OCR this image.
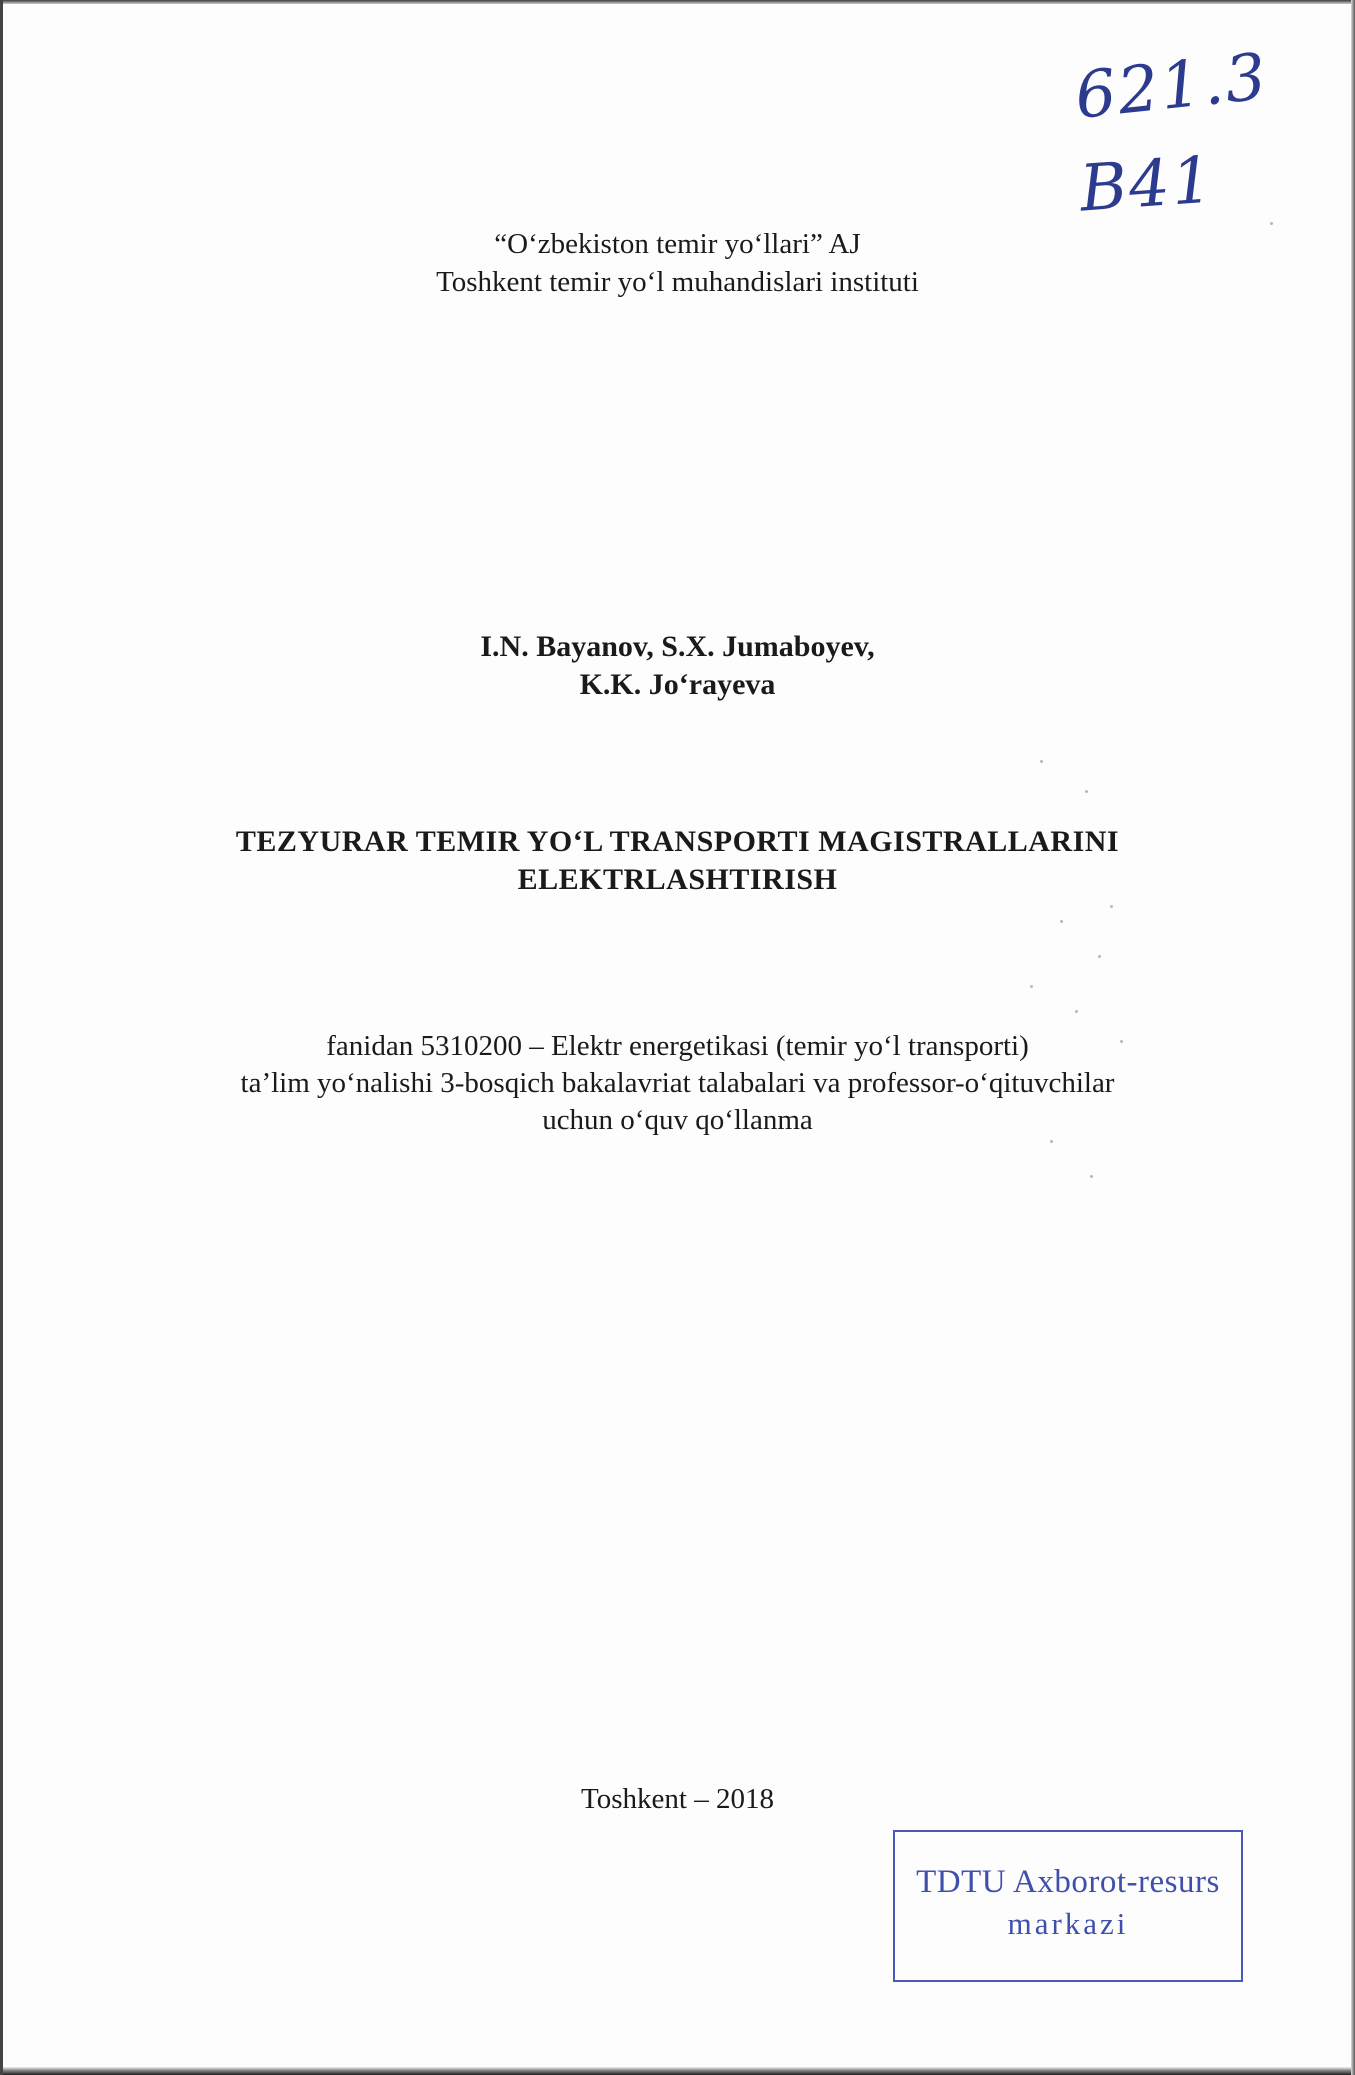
621.3
B41
“O‘zbekiston temir yo‘llari” AJ
Toshkent temir yo‘l muhandislari instituti
I.N. Bayanov, S.X. Jumaboyev,
K.K. Jo‘rayeva
TEZYURAR TEMIR YO‘L TRANSPORTI MAGISTRALLARINI
ELEKTRLASHTIRISH
fanidan 5310200 – Elektr energetikasi (temir yo‘l transporti)
ta’lim yo‘nalishi 3-bosqich bakalavriat talabalari va professor-o‘qituvchilar
uchun o‘quv qo‘llanma
Toshkent – 2018
TDTU Axborot-resurs
markazi
